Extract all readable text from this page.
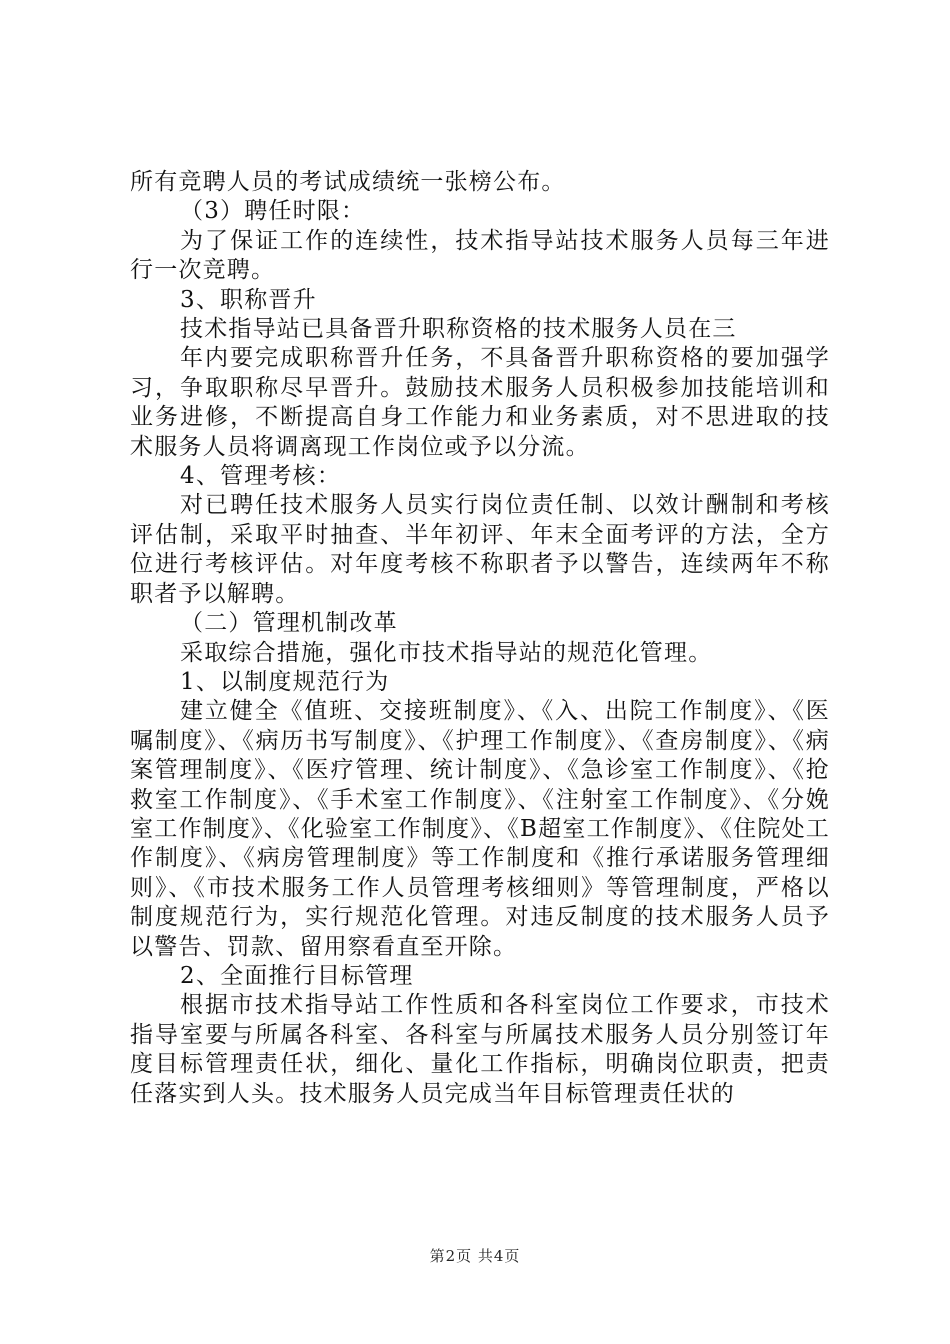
所有竞聘人员的考试成绩统一张榜公布。

（3）聘任时限：

为了保证工作的连续性，技术指导站技术服务人员每三年进行一次竞聘。

3、职称晋升

技术指导站已具备晋升职称资格的技术服务人员在三

年内要完成职称晋升任务，不具备晋升职称资格的要加强学习，争取职称尽早晋升。鼓励技术服务人员积极参加技能培训和业务进修，不断提高自身工作能力和业务素质，对不思进取的技术服务人员将调离现工作岗位或予以分流。

4、管理考核：

对已聘任技术服务人员实行岗位责任制、以效计酬制和考核评估制，采取平时抽查、半年初评、年末全面考评的方法，全方位进行考核评估。对年度考核不称职者予以警告，连续两年不称职者予以解聘。

（二）管理机制改革

采取综合措施，强化市技术指导站的规范化管理。

1、以制度规范行为

建立健全《值班、交接班制度》、《入、出院工作制度》、《医嘱制度》、《病历书写制度》、《护理工作制度》、《查房制度》、《病案管理制度》、《医疗管理、统计制度》、《急诊室工作制度》、《抢救室工作制度》、《手术室工作制度》、《注射室工作制度》、《分娩室工作制度》、《化验室工作制度》、《B超室工作制度》、《住院处工作制度》、《病房管理制度》等工作制度和《推行承诺服务管理细则》、《市技术服务工作人员管理考核细则》等管理制度，严格以制度规范行为，实行规范化管理。对违反制度的技术服务人员予以警告、罚款、留用察看直至开除。

2、全面推行目标管理

根据市技术指导站工作性质和各科室岗位工作要求，市技术指导室要与所属各科室、各科室与所属技术服务人员分别签订年度目标管理责任状，细化、量化工作指标，明确岗位职责，把责任落实到人头。技术服务人员完成当年目标管理责任状的

第2页 共4页
